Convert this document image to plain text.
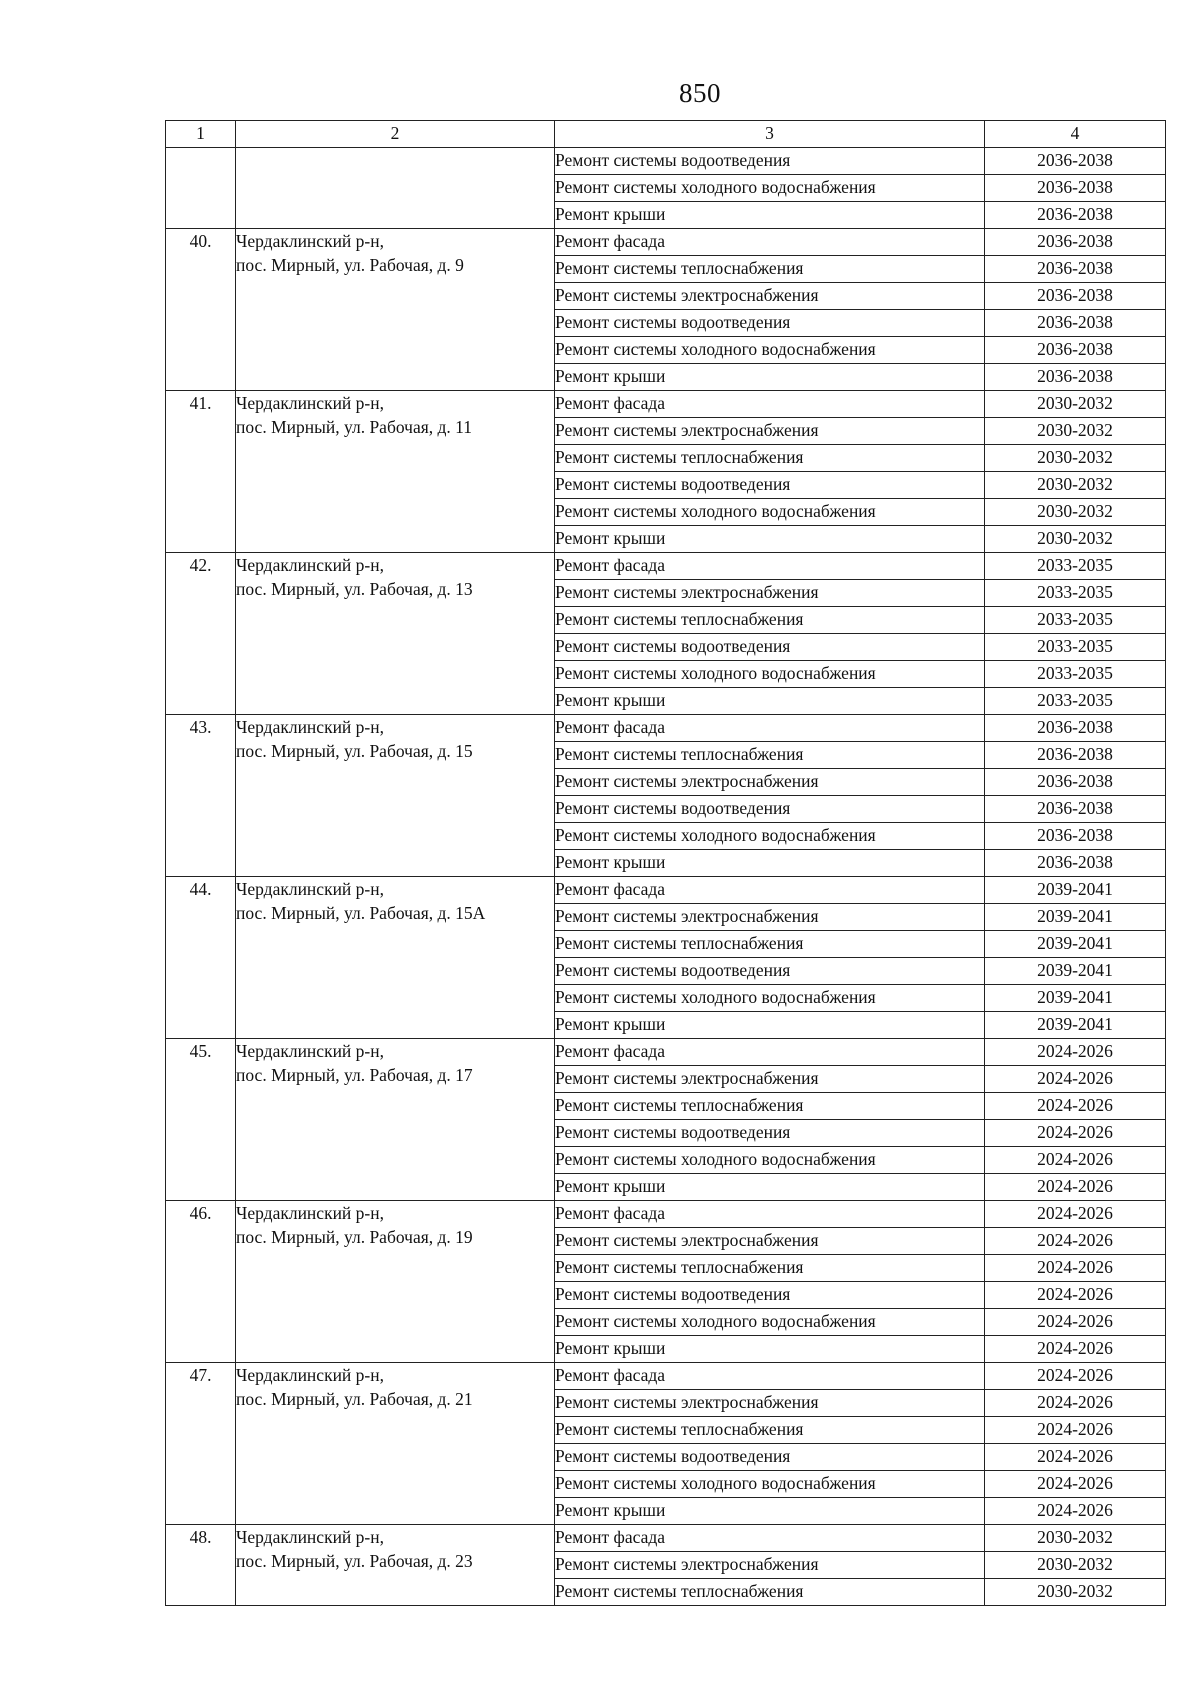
850
1	2	3	4
		Ремонт системы водоотведения	2036-2038
		Ремонт системы холодного водоснабжения	2036-2038
		Ремонт крыши	2036-2038
40.	Чердаклинский р-н,
пос. Мирный, ул. Рабочая, д. 9	Ремонт фасада	2036-2038
		Ремонт системы теплоснабжения	2036-2038
		Ремонт системы электроснабжения	2036-2038
		Ремонт системы водоотведения	2036-2038
		Ремонт системы холодного водоснабжения	2036-2038
		Ремонт крыши	2036-2038
41.	Чердаклинский р-н,
пос. Мирный, ул. Рабочая, д. 11	Ремонт фасада	2030-2032
		Ремонт системы электроснабжения	2030-2032
		Ремонт системы теплоснабжения	2030-2032
		Ремонт системы водоотведения	2030-2032
		Ремонт системы холодного водоснабжения	2030-2032
		Ремонт крыши	2030-2032
42.	Чердаклинский р-н,
пос. Мирный, ул. Рабочая, д. 13	Ремонт фасада	2033-2035
		Ремонт системы электроснабжения	2033-2035
		Ремонт системы теплоснабжения	2033-2035
		Ремонт системы водоотведения	2033-2035
		Ремонт системы холодного водоснабжения	2033-2035
		Ремонт крыши	2033-2035
43.	Чердаклинский р-н,
пос. Мирный, ул. Рабочая, д. 15	Ремонт фасада	2036-2038
		Ремонт системы теплоснабжения	2036-2038
		Ремонт системы электроснабжения	2036-2038
		Ремонт системы водоотведения	2036-2038
		Ремонт системы холодного водоснабжения	2036-2038
		Ремонт крыши	2036-2038
44.	Чердаклинский р-н,
пос. Мирный, ул. Рабочая, д. 15А	Ремонт фасада	2039-2041
		Ремонт системы электроснабжения	2039-2041
		Ремонт системы теплоснабжения	2039-2041
		Ремонт системы водоотведения	2039-2041
		Ремонт системы холодного водоснабжения	2039-2041
		Ремонт крыши	2039-2041
45.	Чердаклинский р-н,
пос. Мирный, ул. Рабочая, д. 17	Ремонт фасада	2024-2026
		Ремонт системы электроснабжения	2024-2026
		Ремонт системы теплоснабжения	2024-2026
		Ремонт системы водоотведения	2024-2026
		Ремонт системы холодного водоснабжения	2024-2026
		Ремонт крыши	2024-2026
46.	Чердаклинский р-н,
пос. Мирный, ул. Рабочая, д. 19	Ремонт фасада	2024-2026
		Ремонт системы электроснабжения	2024-2026
		Ремонт системы теплоснабжения	2024-2026
		Ремонт системы водоотведения	2024-2026
		Ремонт системы холодного водоснабжения	2024-2026
		Ремонт крыши	2024-2026
47.	Чердаклинский р-н,
пос. Мирный, ул. Рабочая, д. 21	Ремонт фасада	2024-2026
		Ремонт системы электроснабжения	2024-2026
		Ремонт системы теплоснабжения	2024-2026
		Ремонт системы водоотведения	2024-2026
		Ремонт системы холодного водоснабжения	2024-2026
		Ремонт крыши	2024-2026
48.	Чердаклинский р-н,
пос. Мирный, ул. Рабочая, д. 23	Ремонт фасада	2030-2032
		Ремонт системы электроснабжения	2030-2032
		Ремонт системы теплоснабжения	2030-2032
